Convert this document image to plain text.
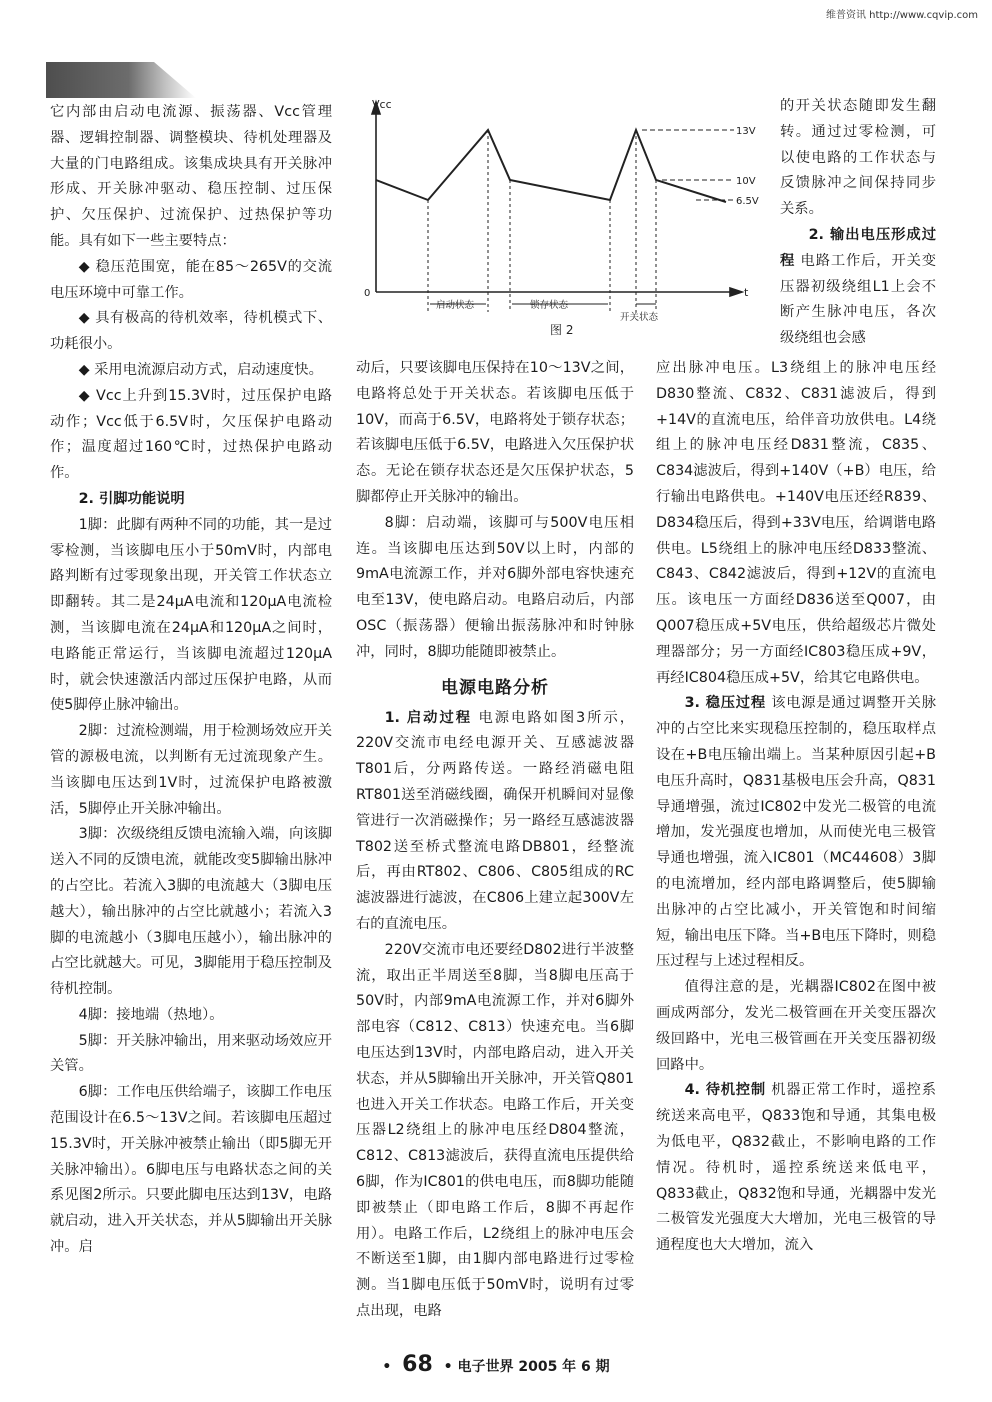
维普资讯 http://www.cqvip.com

它内部由启动电流源、振荡器、Vcc管理器、逻辑控制器、调整模块、待机处理器及大量的门电路组成。该集成块具有开关脉冲形成、开关脉冲驱动、稳压控制、过压保护、欠压保护、过流保护、过热保护等功能。具有如下一些主要特点：

◆ 稳压范围宽，能在85～265V的交流电压环境中可靠工作。

◆ 具有极高的待机效率，待机模式下、功耗很小。

◆ 采用电流源启动方式，启动速度快。

◆ Vcc上升到15.3V时，过压保护电路动作；Vcc低于6.5V时，欠压保护电路动作；温度超过160℃时，过热保护电路动作。

2. 引脚功能说明

1脚：此脚有两种不同的功能，其一是过零检测，当该脚电压小于50mV时，内部电路判断有过零现象出现，开关管工作状态立即翻转。其二是24μA电流和120μA电流检测，当该脚电流在24μA和120μA之间时，电路能正常运行，当该脚电流超过120μA时，就会快速激活内部过压保护电路，从而使5脚停止脉冲输出。

2脚：过流检测端，用于检测场效应开关管的源极电流，以判断有无过流现象产生。当该脚电压达到1V时，过流保护电路被激活，5脚停止开关脉冲输出。

3脚：次级绕组反馈电流输入端，向该脚送入不同的反馈电流，就能改变5脚输出脉冲的占空比。若流入3脚的电流越大（3脚电压越大），输出脉冲的占空比就越小；若流入3脚的电流越小（3脚电压越小），输出脉冲的占空比就越大。可见，3脚能用于稳压控制及待机控制。

4脚：接地端（热地）。

5脚：开关脉冲输出，用来驱动场效应开关管。

6脚：工作电压供给端子，该脚工作电压范围设计在6.5～13V之间。若该脚电压超过15.3V时，开关脉冲被禁止输出（即5脚无开关脉冲输出）。6脚电压与电路状态之间的关系见图2所示。只要此脚电压达到13V，电路就启动，进入开关状态，并从5脚输出开关脉冲。启

Vcc
t
0
13V
10V
6.5V
启动状态	锁存状态
开关状态
图 2

的开关状态随即发生翻转。通过过零检测，可以使电路的工作状态与反馈脉冲之间保持同步关系。

2. 输出电压形成过程 电路工作后，开关变压器初级绕组L1上会不断产生脉冲电压，各次级绕组也会感

动后，只要该脚电压保持在10～13V之间，电路将总处于开关状态。若该脚电压低于10V，而高于6.5V，电路将处于锁存状态；若该脚电压低于6.5V，电路进入欠压保护状态。无论在锁存状态还是欠压保护状态，5脚都停止开关脉冲的输出。

8脚：启动端，该脚可与500V电压相连。当该脚电压达到50V以上时，内部的9mA电流源工作，并对6脚外部电容快速充电至13V，使电路启动。电路启动后，内部OSC（振荡器）便输出振荡脉冲和时钟脉冲，同时，8脚功能随即被禁止。

电源电路分析

1. 启动过程 电源电路如图3所示，220V交流市电经电源开关、互感滤波器T801后，分两路传送。一路经消磁电阻RT801送至消磁线圈，确保开机瞬间对显像管进行一次消磁操作；另一路经互感滤波器T802送至桥式整流电路DB801，经整流后，再由RT802、C806、C805组成的RC滤波器进行滤波，在C806上建立起300V左右的直流电压。

220V交流市电还要经D802进行半波整流，取出正半周送至8脚，当8脚电压高于50V时，内部9mA电流源工作，并对6脚外部电容（C812、C813）快速充电。当6脚电压达到13V时，内部电路启动，进入开关状态，并从5脚输出开关脉冲，开关管Q801也进入开关工作状态。电路工作后，开关变压器L2绕组上的脉冲电压经D804整流，C812、C813滤波后，获得直流电压提供给6脚，作为IC801的供电电压，而8脚功能随即被禁止（即电路工作后，8脚不再起作用）。电路工作后，L2绕组上的脉冲电压会不断送至1脚，由1脚内部电路进行过零检测。当1脚电压低于50mV时，说明有过零点出现，电路

应出脉冲电压。L3绕组上的脉冲电压经D830整流、C832、C831滤波后，得到+14V的直流电压，给伴音功放供电。L4绕组上的脉冲电压经D831整流，C835、C834滤波后，得到+140V（+B）电压，给行输出电路供电。+140V电压还经R839、D834稳压后，得到+33V电压，给调谐电路供电。L5绕组上的脉冲电压经D833整流、C843、C842滤波后，得到+12V的直流电压。该电压一方面经D836送至Q007，由Q007稳压成+5V电压，供给超级芯片微处理器部分；另一方面经IC803稳压成+9V，再经IC804稳压成+5V，给其它电路供电。

3. 稳压过程 该电源是通过调整开关脉冲的占空比来实现稳压控制的，稳压取样点设在+B电压输出端上。当某种原因引起+B电压升高时，Q831基极电压会升高，Q831导通增强，流过IC802中发光二极管的电流增加，发光强度也增加，从而使光电三极管导通也增强，流入IC801（MC44608）3脚的电流增加，经内部电路调整后，使5脚输出脉冲的占空比减小，开关管饱和时间缩短，输出电压下降。当+B电压下降时，则稳压过程与上述过程相反。

值得注意的是，光耦器IC802在图中被画成两部分，发光二极管画在开关变压器次级回路中，光电三极管画在开关变压器初级回路中。

4. 待机控制 机器正常工作时，遥控系统送来高电平，Q833饱和导通，其集电极为低电平，Q832截止，不影响电路的工作情况。待机时，遥控系统送来低电平，Q833截止，Q832饱和导通，光耦器中发光二极管发光强度大大增加，光电三极管的导通程度也大大增加，流入

• 68 • 电子世界 2005 年 6 期
